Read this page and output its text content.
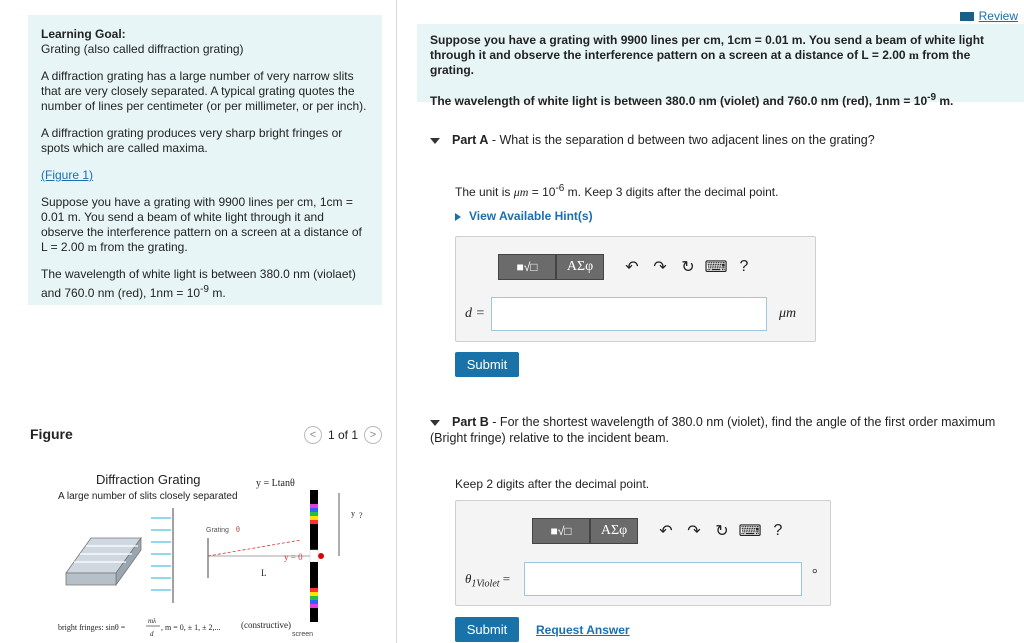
Learning Goal:

Grating (also called diffraction grating)

A diffraction grating has a large number of very narrow slits that are very closely separated. A typical grating quotes the number of lines per centimeter (or per millimeter, or per inch).

A diffraction grating produces very sharp bright fringes or spots which are called maxima.

(Figure 1)

Suppose you have a grating with 9900 lines per cm, 1cm = 0.01 m. You send a beam of white light through it and observe the interference pattern on a screen at a distance of L = 2.00 m from the grating.

The wavelength of white light is between 380.0 nm (violaet) and 760.0 nm (red), $1nm = 10^{-9}$ m.

Figure	< 1 of 1	>
Diffraction Grating
A large number of slits closely separated
y = Ltanθ
Grating θ
y = 0
L
y ?
bright fringes: sinθ =
mλ
d
, m = 0, ± 1, ± 2,... (constructive)
screen
Review

Suppose you have a grating with 9900 lines per cm, 1cm = 0.01 m. You send a beam of white light through it and observe the interference pattern on a screen at a distance of L = 2.00 m from the grating.

The wavelength of white light is between 380.0 nm (violet) and 760.0 nm (red), $1nm = 10^{-9}$ m.

Part A - What is the separation d between two adjacent lines on the grating?
The unit is $\mu m = 10^{-6}$ m. Keep 3 digits after the decimal point.
View Available Hint(s)
■√□	AΣφ	↶ ↷ ↻ ⌨ ?
d =	μm
Submit
Part B - For the shortest wavelength of 380.0 nm (violet), find the angle of the first order maximum (Bright fringe) relative to the incident beam.
Keep 2 digits after the decimal point.
■√□	AΣφ	↶ ↷ ↻ ⌨ ?
$\theta_{1Violet}$ =	°
Submit	Request Answer
